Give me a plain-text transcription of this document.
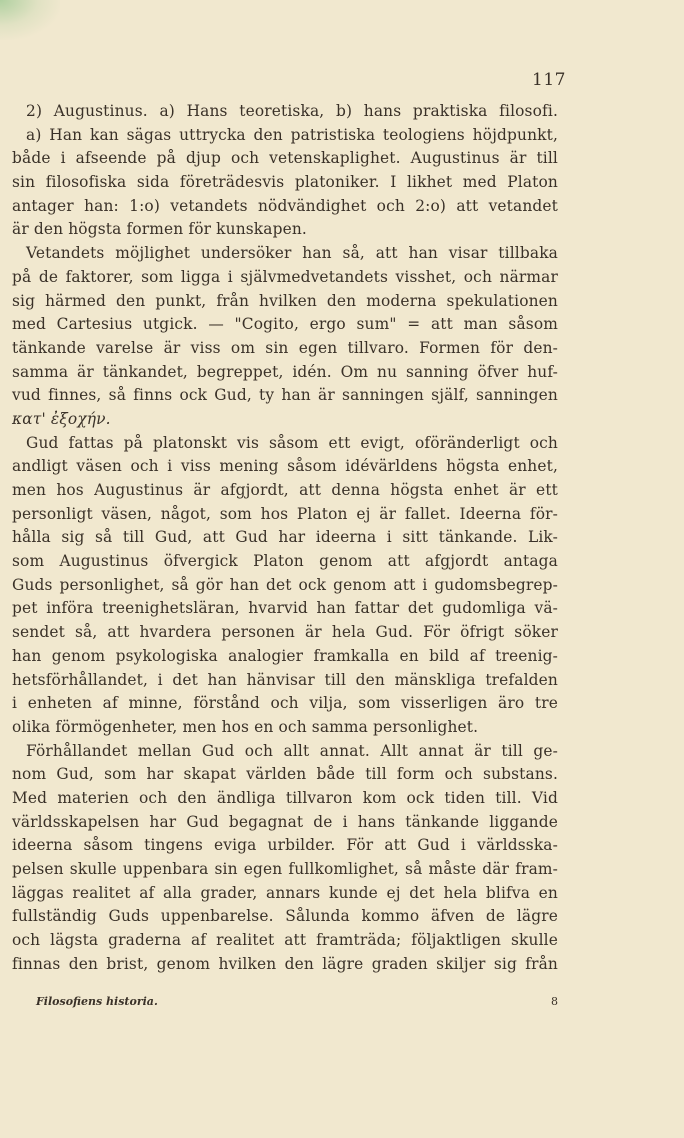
117
2) Augustinus. a) Hans teoretiska, b) hans praktiska filosofi.
a) Han kan sägas uttrycka den patristiska teologiens höjdpunkt,
både i afseende på djup och vetenskaplighet. Augustinus är till
sin filosofiska sida företrädesvis platoniker. I likhet med Platon
antager han: 1:o) vetandets nödvändighet och 2:o) att vetandet
är den högsta formen för kunskapen.
Vetandets möjlighet undersöker han så, att han visar tillbaka
på de faktorer, som ligga i självmedvetandets visshet, och närmar
sig härmed den punkt, från hvilken den moderna spekulationen
med Cartesius utgick. — "Cogito, ergo sum" = att man såsom
tänkande varelse är viss om sin egen tillvaro. Formen för den-
samma är tänkandet, begreppet, idén. Om nu sanning öfver huf-
vud finnes, så finns ock Gud, ty han är sanningen själf, sanningen
κατ' ἐξοχήν.
Gud fattas på platonskt vis såsom ett evigt, oföränderligt och
andligt väsen och i viss mening såsom idévärldens högsta enhet,
men hos Augustinus är afgjordt, att denna högsta enhet är ett
personligt väsen, något, som hos Platon ej är fallet. Ideerna för-
hålla sig så till Gud, att Gud har ideerna i sitt tänkande. Lik-
som Augustinus öfvergick Platon genom att afgjordt antaga
Guds personlighet, så gör han det ock genom att i gudomsbegrep-
pet införa treenighetsläran, hvarvid han fattar det gudomliga vä-
sendet så, att hvardera personen är hela Gud. För öfrigt söker
han genom psykologiska analogier framkalla en bild af treenig-
hetsförhållandet, i det han hänvisar till den mänskliga trefalden
i enheten af minne, förstånd och vilja, som visserligen äro tre
olika förmögenheter, men hos en och samma personlighet.
Förhållandet mellan Gud och allt annat. Allt annat är till ge-
nom Gud, som har skapat världen både till form och substans.
Med materien och den ändliga tillvaron kom ock tiden till. Vid
världsskapelsen har Gud begagnat de i hans tänkande liggande
ideerna såsom tingens eviga urbilder. För att Gud i världsska-
pelsen skulle uppenbara sin egen fullkomlighet, så måste där fram-
läggas realitet af alla grader, annars kunde ej det hela blifva en
fullständig Guds uppenbarelse. Sålunda kommo äfven de lägre
och lägsta graderna af realitet att framträda; följaktligen skulle
finnas den brist, genom hvilken den lägre graden skiljer sig från
Filosofiens historia.	8
